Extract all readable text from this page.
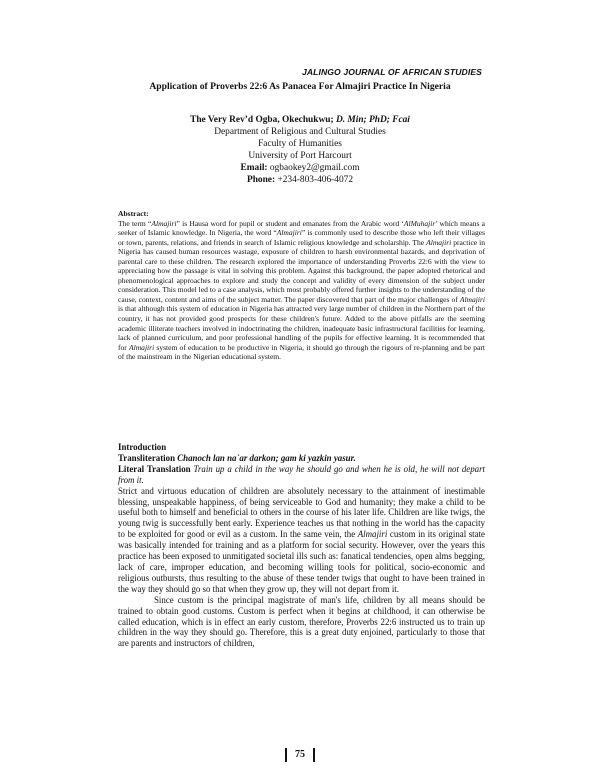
JALINGO JOURNAL OF AFRICAN STUDIES
Application of Proverbs 22:6 As Panacea For Almajiri Practice In Nigeria
The Very Rev’d Ogba, Okechukwu; D. Min; PhD; Fcai
Department of Religious and Cultural Studies
Faculty of Humanities
University of Port Harcourt
Email: ogbaokey2@gmail.com
Phone: +234-803-406-4072
Abstract:
The term “Almajiri” is Hausa word for pupil or student and emanates from the Arabic word ‘AlMuhajir’ which means a seeker of Islamic knowledge. In Nigeria, the word “Almajiri” is commonly used to describe those who left their villages or town, parents, relations, and friends in search of Islamic religious knowledge and scholarship. The Almajiri practice in Nigeria has caused human resources wastage, exposure of children to harsh environmental hazards, and deprivation of parental care to these children. The research explored the importance of understanding Proverbs 22:6 with the view to appreciating how the passage is vital in solving this problem. Against this background, the paper adopted rhetorical and phenomenological approaches to explore and study the concept and validity of every dimension of the subject under consideration. This model led to a case analysis, which most probably offered further insights to the understanding of the cause, context, content and aims of the subject matter. The paper discovered that part of the major challenges of Almajiri is that although this system of education in Nigeria has attracted very large number of children in the Northern part of the country, it has not provided good prospects for these children's future. Added to the above pitfalls are the seeming academic illiterate teachers involved in indoctrinating the children, inadequate basic infrastructural facilities for learning, lack of planned curriculum, and poor professional handling of the pupils for effective learning. It is recommended that for Almajiri system of education to be productive in Nigeria, it should go through the rigours of re-planning and be part of the mainstream in the Nigerian educational system.
Introduction
Transliteration Chanoch lan na`ar darkon; gam ki yazkin yasur.
Literal Translation Train up a child in the way he should go and when he is old, he will not depart from it.

Strict and virtuous education of children are absolutely necessary to the attainment of inestimable blessing, unspeakable happiness, of being serviceable to God and humanity; they make a child to be useful both to himself and beneficial to others in the course of his later life. Children are like twigs, the young twig is successfully bent early. Experience teaches us that nothing in the world has the capacity to be exploited for good or evil as a custom. In the same vein, the Almajiri custom in its original state was basically intended for training and as a platform for social security. However, over the years this practice has been exposed to unmitigated societal ills such as: fanatical tendencies, open alms begging, lack of care, improper education, and becoming willing tools for political, socio-economic and religious outbursts, thus resulting to the abuse of these tender twigs that ought to have been trained in the way they should go so that when they grow up, they will not depart from it.

Since custom is the principal magistrate of man's life, children by all means should be trained to obtain good customs. Custom is perfect when it begins at childhood, it can otherwise be called education, which is in effect an early custom, therefore, Proverbs 22:6 instructed us to train up children in the way they should go. Therefore, this is a great duty enjoined, particularly to those that are parents and instructors of children,

75
